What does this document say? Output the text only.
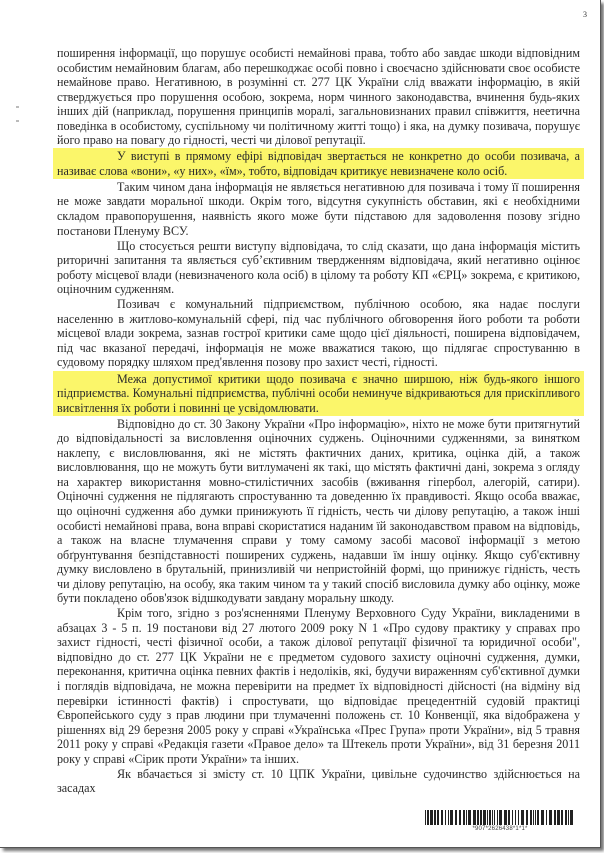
3

поширення інформації, що порушує особисті немайнові права, тобто або завдає шкоди відповідним особистим немайновим благам, або перешкоджає особі повно і своєчасно здійснювати своє особисте немайнове право. Негативною, в розумінні ст. 277 ЦК України слід вважати інформацію, в якій стверджується про порушення особою, зокрема, норм чинного законодавства, вчинення будь-яких інших дій (наприклад, порушення принципів моралі, загальновизнаних правил співжиття, неетична поведінка в особистому, суспільному чи політичному житті тощо) і яка, на думку позивача, порушує його право на повагу до гідності, честі чи ділової репутації.

У виступі в прямому ефірі відповідач звертається не конкретно до особи позивача, а називає слова «вони», «у них», «їм», тобто, відповідач критикує невизначене коло осіб.

Таким чином дана інформація не являється негативною для позивача і тому її поширення не може завдати моральної шкоди. Окрім того, відсутня сукупність обставин, які є необхідними складом правопорушення, наявність якого може бути підставою для задоволення позову згідно постанови Пленуму ВСУ.

Що стосується решти виступу відповідача, то слід сказати, що дана інформація містить риторичні запитання та являється суб’єктивним твердженням відповідача, який негативно оцінює роботу місцевої влади (невизначеного кола осіб) в цілому та роботу КП «ЄРЦ» зокрема, є критикою, оціночним судженням.

Позивач є комунальний підприємством, публічною особою, яка надає послуги населенню в житлово-комунальній сфері, під час публічного обговорення його роботи та роботи місцевої влади зокрема, зазнав гострої критики саме щодо цієї діяльності, поширена відповідачем, під час вказаної передачі, інформація не може вважатися такою, що підлягає спростуванню в судовому порядку шляхом пред'явлення позову про захист честі, гідності.

Межа допустимої критики щодо позивача є значно ширшою, ніж будь-якого іншого підприємства. Комунальні підприємства, публічні особи неминуче відкриваються для прискіпливого висвітлення їх роботи і повинні це усвідомлювати.

Відповідно до ст. 30 Закону України «Про інформацію», ніхто не може бути притягнутий до відповідальності за висловлення оціночних суджень. Оціночними судженнями, за винятком наклепу, є висловлювання, які не містять фактичних даних, критика, оцінка дій, а також висловлювання, що не можуть бути витлумачені як такі, що містять фактичні дані, зокрема з огляду на характер використання мовно-стилістичних засобів (вживання гіпербол, алегорій, сатири). Оціночні судження не підлягають спростуванню та доведенню їх правдивості. Якщо особа вважає, що оціночні судження або думки принижують її гідність, честь чи ділову репутацію, а також інші особисті немайнові права, вона вправі скористатися наданим їй законодавством правом на відповідь, а також на власне тлумачення справи у тому самому засобі масової інформації з метою обґрунтування безпідставності поширених суджень, надавши їм іншу оцінку. Якщо суб'єктивну думку висловлено в брутальній, принизливій чи непристойній формі, що принижує гідність, честь чи ділову репутацію, на особу, яка таким чином та у такий спосіб висловила думку або оцінку, може бути покладено обов'язок відшкодувати завдану моральну шкоду.

Крім того, згідно з роз'ясненнями Пленуму Верховного Суду України, викладеними в абзацах 3 - 5 п. 19 постанови від 27 лютого 2009 року N 1 «Про судову практику у справах про захист гідності, честі фізичної особи, а також ділової репутації фізичної та юридичної особи", відповідно до ст. 277 ЦК України не є предметом судового захисту оціночні судження, думки, переконання, критична оцінка певних фактів і недоліків, які, будучи вираженням суб'єктивної думки і поглядів відповідача, не можна перевірити на предмет їх відповідності дійсності (на відміну від перевірки істинності фактів) і спростувати, що відповідає прецедентній судовій практиці Європейського суду з прав людини при тлумаченні положень ст. 10 Конвенції, яка відображена у рішеннях від 29 березня 2005 року у справі «Українська «Прес Група» проти України», від 5 травня 2011 року у справі «Редакція газети «Правое дело» та Штекель проти України», від 31 березня 2011 року у справі «Сірик проти України» та інших.

Як вбачається зі змісту ст. 10 ЦПК України, цивільне судочинство здійснюється на засадах

*907*2626438*1*1*
